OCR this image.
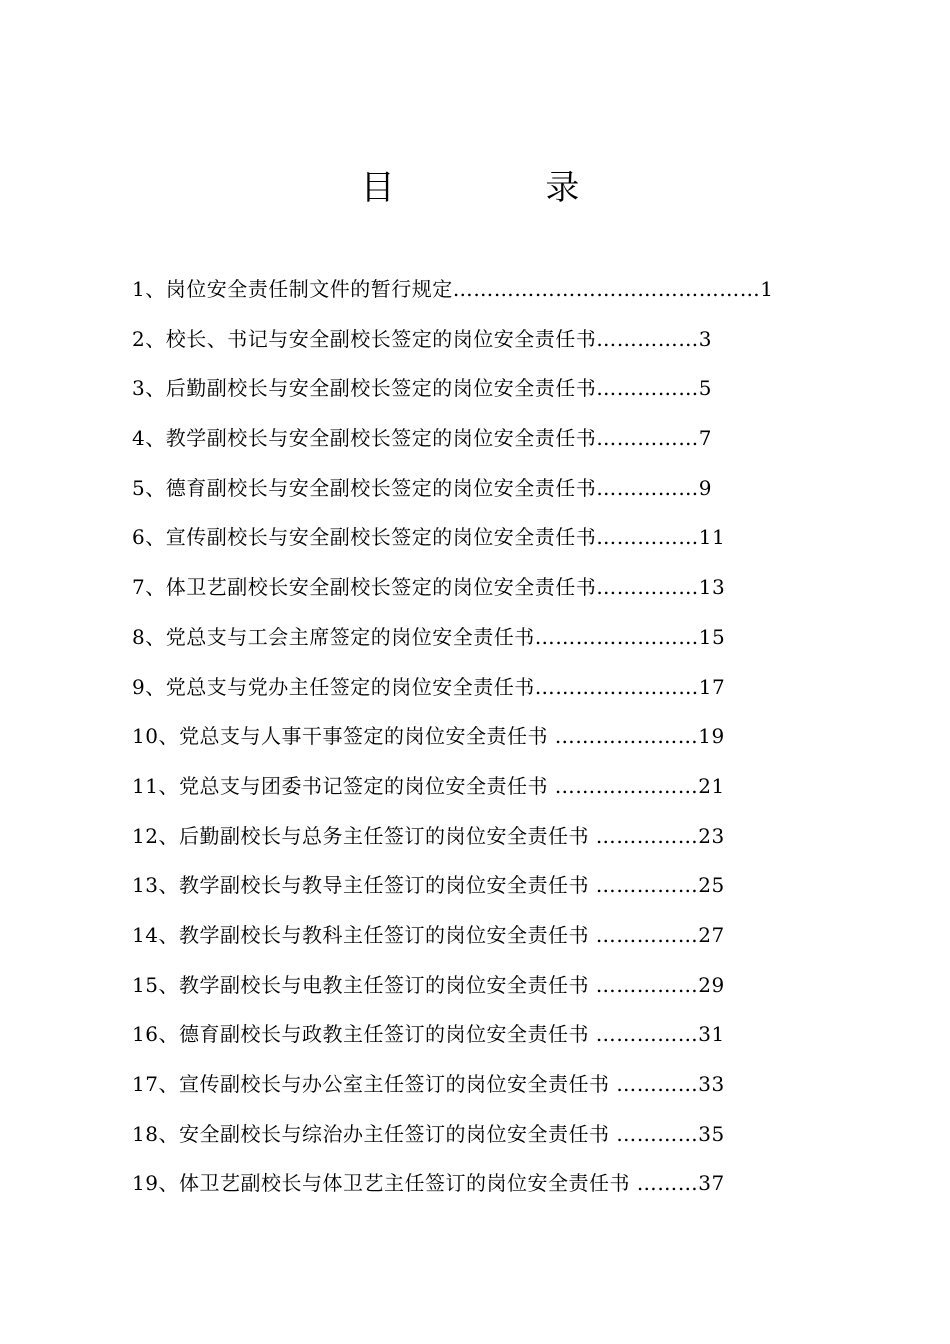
目 录
1、岗位安全责任制文件的暂行规定………………………………………1
2、校长、书记与安全副校长签定的岗位安全责任书……………3
3、后勤副校长与安全副校长签定的岗位安全责任书……………5
4、教学副校长与安全副校长签定的岗位安全责任书……………7
5、德育副校长与安全副校长签定的岗位安全责任书……………9
6、宣传副校长与安全副校长签定的岗位安全责任书……………11
7、体卫艺副校长安全副校长签定的岗位安全责任书……………13
8、党总支与工会主席签定的岗位安全责任书……………………15
9、党总支与党办主任签定的岗位安全责任书……………………17
10、党总支与人事干事签定的岗位安全责任书 …………………19
11、党总支与团委书记签定的岗位安全责任书 …………………21
12、后勤副校长与总务主任签订的岗位安全责任书 ……………23
13、教学副校长与教导主任签订的岗位安全责任书 ……………25
14、教学副校长与教科主任签订的岗位安全责任书 ……………27
15、教学副校长与电教主任签订的岗位安全责任书 ……………29
16、德育副校长与政教主任签订的岗位安全责任书 ……………31
17、宣传副校长与办公室主任签订的岗位安全责任书 …………33
18、安全副校长与综治办主任签订的岗位安全责任书 …………35
19、体卫艺副校长与体卫艺主任签订的岗位安全责任书 ………37
